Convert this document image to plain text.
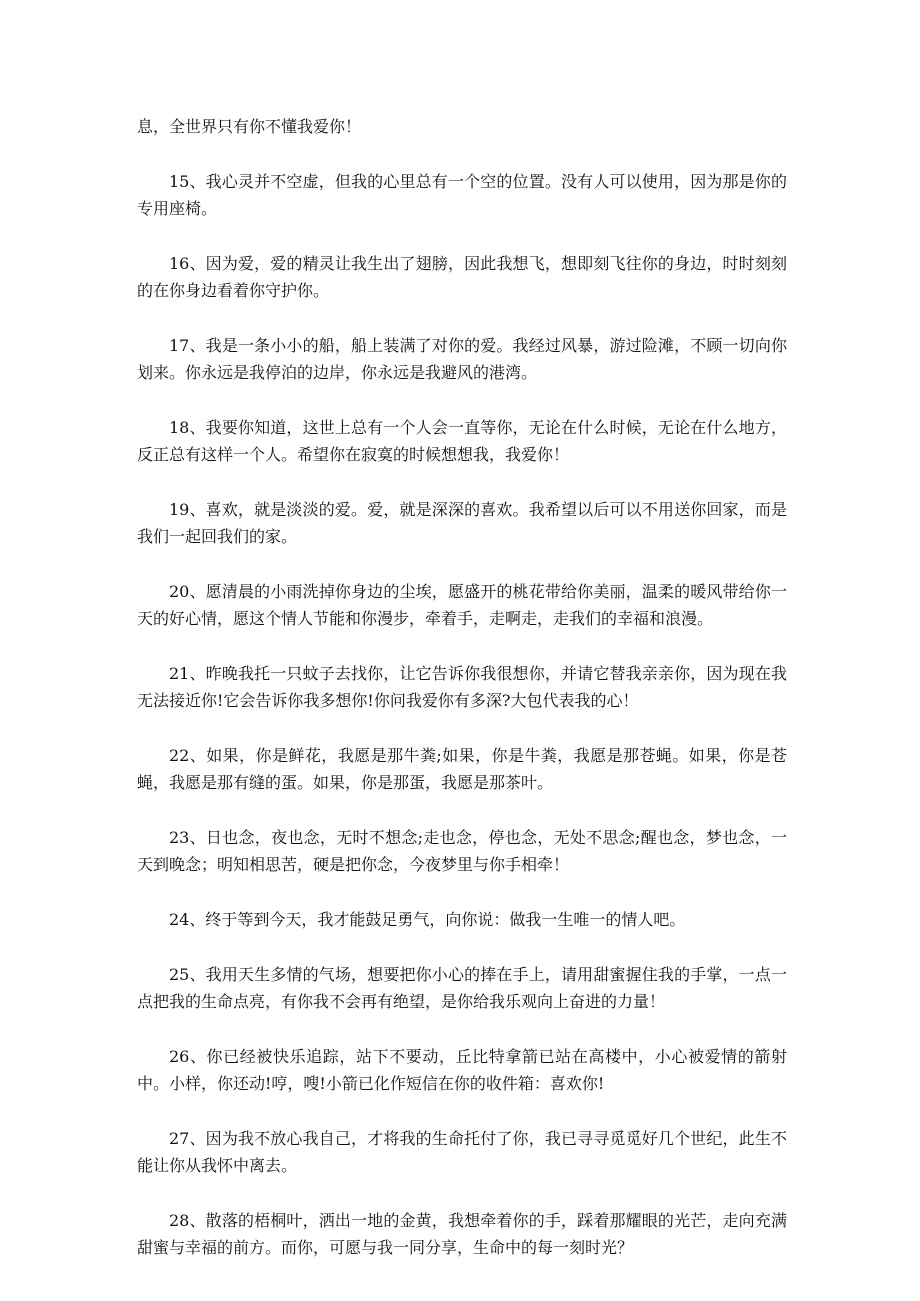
息，全世界只有你不懂我爱你！

15、我心灵并不空虚，但我的心里总有一个空的位置。没有人可以使用，因为那是你的专用座椅。

16、因为爱，爱的精灵让我生出了翅膀，因此我想飞，想即刻飞往你的身边，时时刻刻的在你身边看着你守护你。

17、我是一条小小的船，船上装满了对你的爱。我经过风暴，游过险滩，不顾一切向你划来。你永远是我停泊的边岸，你永远是我避风的港湾。

18、我要你知道，这世上总有一个人会一直等你，无论在什么时候，无论在什么地方，反正总有这样一个人。希望你在寂寞的时候想想我，我爱你！

19、喜欢，就是淡淡的爱。爱，就是深深的喜欢。我希望以后可以不用送你回家，而是我们一起回我们的家。

20、愿清晨的小雨洗掉你身边的尘埃，愿盛开的桃花带给你美丽，温柔的暖风带给你一天的好心情，愿这个情人节能和你漫步，牵着手，走啊走，走我们的幸福和浪漫。

21、昨晚我托一只蚊子去找你，让它告诉你我很想你，并请它替我亲亲你，因为现在我无法接近你!它会告诉你我多想你!你问我爱你有多深?大包代表我的心！

22、如果，你是鲜花，我愿是那牛粪;如果，你是牛粪，我愿是那苍蝇。如果，你是苍蝇，我愿是那有缝的蛋。如果，你是那蛋，我愿是那茶叶。

23、日也念，夜也念，无时不想念;走也念，停也念，无处不思念;醒也念，梦也念，一天到晚念；明知相思苦，硬是把你念，今夜梦里与你手相牵！

24、终于等到今天，我才能鼓足勇气，向你说：做我一生唯一的情人吧。

25、我用天生多情的气场，想要把你小心的捧在手上，请用甜蜜握住我的手掌，一点一点把我的生命点亮，有你我不会再有绝望，是你给我乐观向上奋进的力量！

26、你已经被快乐追踪，站下不要动，丘比特拿箭已站在高楼中，小心被爱情的箭射中。小样，你还动!哼，嗖!小箭已化作短信在你的收件箱：喜欢你!

27、因为我不放心我自己，才将我的生命托付了你，我已寻寻觅觅好几个世纪，此生不能让你从我怀中离去。

28、散落的梧桐叶，洒出一地的金黄，我想牵着你的手，踩着那耀眼的光芒，走向充满甜蜜与幸福的前方。而你，可愿与我一同分享，生命中的每一刻时光？
